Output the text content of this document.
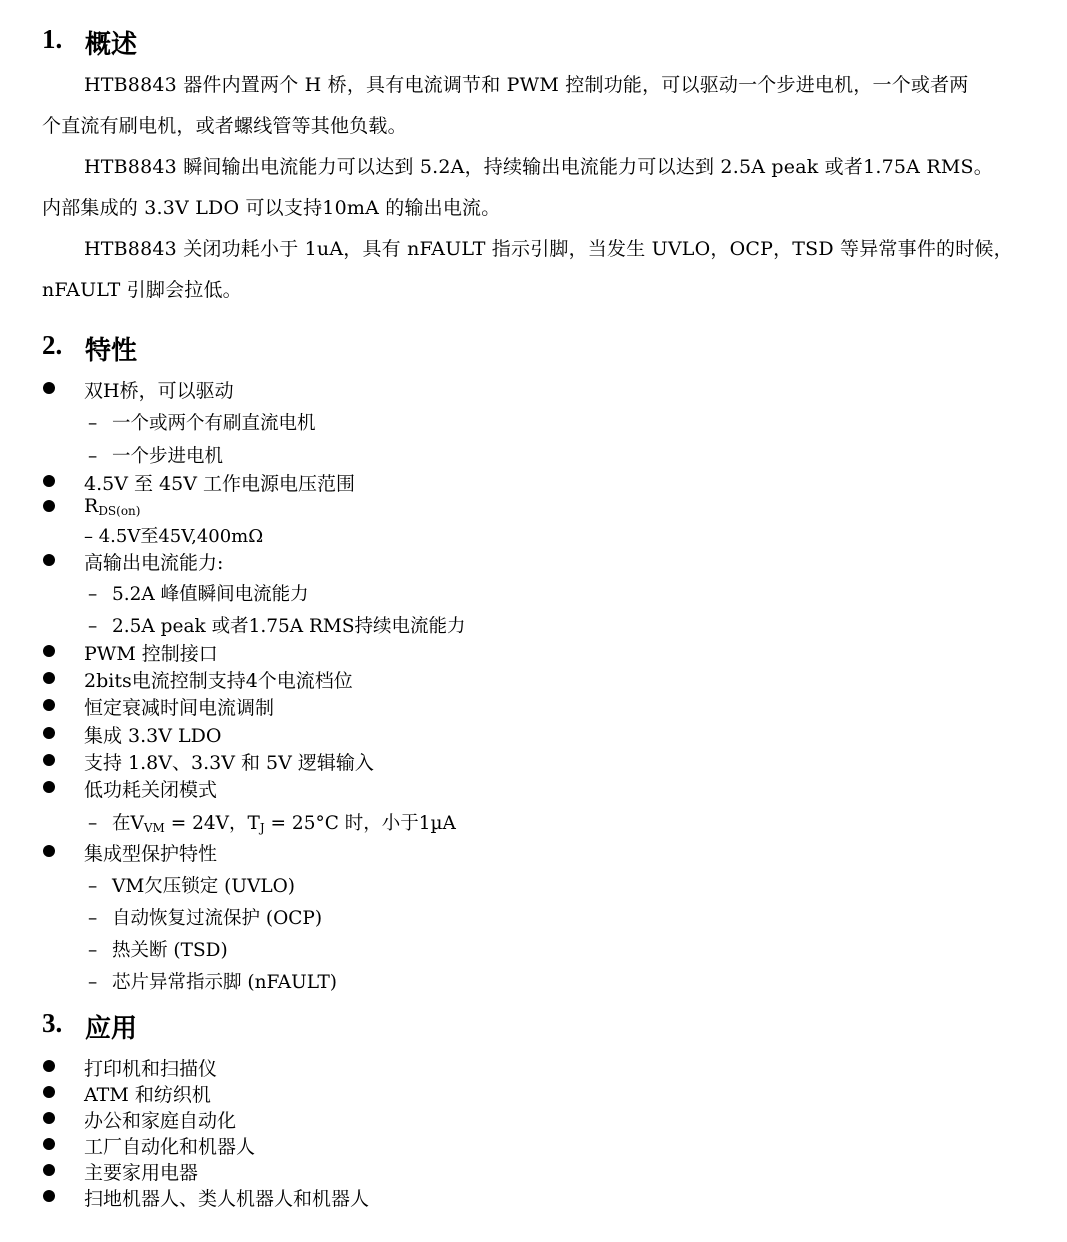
1. 概述
HTB8843 器件内置两个 H 桥，具有电流调节和 PWM 控制功能，可以驱动一个步进电机，一个或者两
个直流有刷电机，或者螺线管等其他负载。
HTB8843 瞬间输出电流能力可以达到 5.2A，持续输出电流能力可以达到 2.5A peak 或者1.75A RMS。
内部集成的 3.3V LDO 可以支持10mA 的输出电流。
HTB8843 关闭功耗小于 1uA，具有 nFAULT 指示引脚，当发生 UVLO，OCP，TSD 等异常事件的时候，
nFAULT 引脚会拉低。
2. 特性
双H桥，可以驱动
– 一个或两个有刷直流电机
– 一个步进电机
4.5V 至 45V 工作电源电压范围
$R_{DS(on)}$
– 4.5V至45V,400mΩ
高输出电流能力:
– 5.2A 峰值瞬间电流能力
– 2.5A peak 或者1.75A RMS持续电流能力
PWM 控制接口
2bits电流控制支持4个电流档位
恒定衰减时间电流调制
集成 3.3V LDO
支持 1.8V、3.3V 和 5V 逻辑输入
低功耗关闭模式
– 在$V_{VM} = 24V$，$T_J = 25^\circ C$ 时，小于1µA
集成型保护特性
– VM欠压锁定 (UVLO)
– 自动恢复过流保护 (OCP)
– 热关断 (TSD)
– 芯片异常指示脚 (nFAULT)
3. 应用
打印机和扫描仪
ATM 和纺织机
办公和家庭自动化
工厂自动化和机器人
主要家用电器
扫地机器人、类人机器人和机器人
